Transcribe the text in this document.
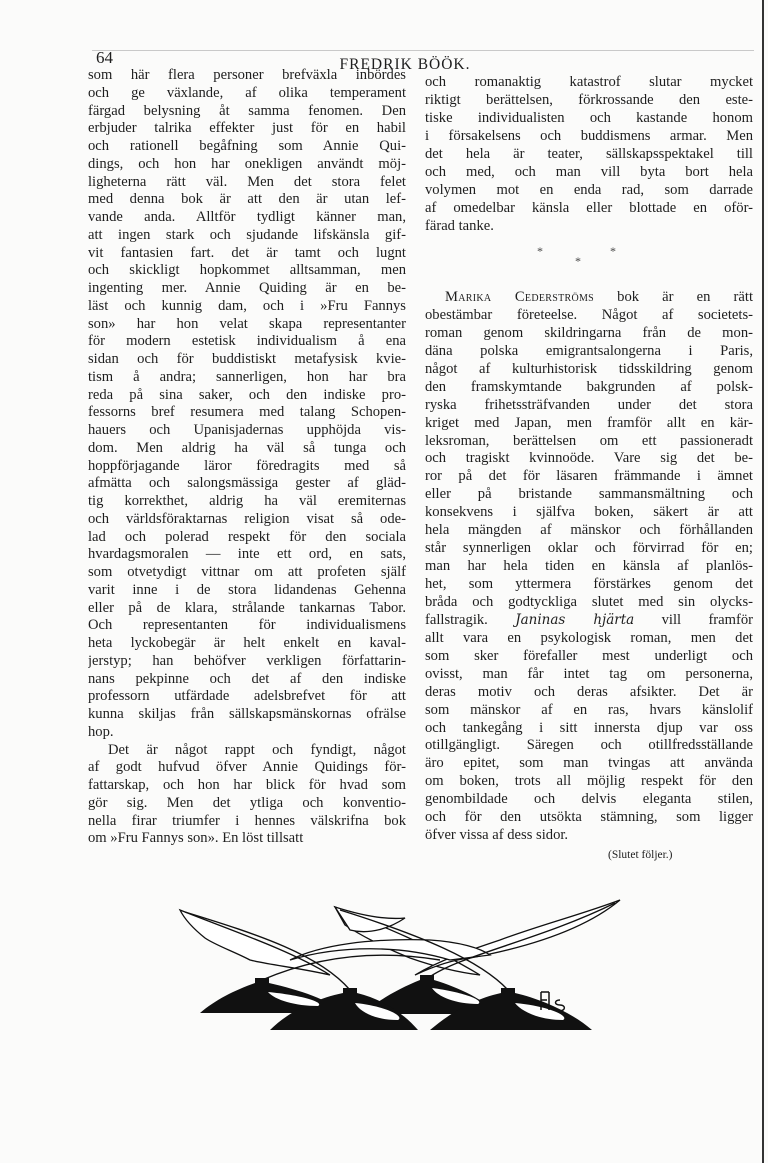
64	FREDRIK BÖÖK.
som här flera personer brefväxla inbördes
och ge växlande, af olika temperament
färgad belysning åt samma fenomen. Den
erbjuder talrika effekter just för en habil
och rationell begåfning som Annie Qui-
dings, och hon har onekligen användt möj-
ligheterna rätt väl. Men det stora felet
med denna bok är att den är utan lef-
vande anda. Alltför tydligt känner man,
att ingen stark och sjudande lifskänsla gif-
vit fantasien fart. det är tamt och lugnt
och skickligt hopkommet alltsamman, men
ingenting mer. Annie Quiding är en be-
läst och kunnig dam, och i »Fru Fannys
son» har hon velat skapa representanter
för modern estetisk individualism å ena
sidan och för buddistiskt metafysisk kvie-
tism å andra; sannerligen, hon har bra
reda på sina saker, och den indiske pro-
fessorns bref resumera med talang Schopen-
hauers och Upanisjadernas upphöjda vis-
dom. Men aldrig ha väl så tunga och
hoppförjagande läror föredragits med så
afmätta och salongsmässiga gester af gläd-
tig korrekthet, aldrig ha väl eremiternas
och världsföraktarnas religion visat så ode-
lad och polerad respekt för den sociala
hvardagsmoralen — inte ett ord, en sats,
som otvetydigt vittnar om att profeten själf
varit inne i de stora lidandenas Gehenna
eller på de klara, strålande tankarnas Tabor.
Och representanten för individualismens
heta lyckobegär är helt enkelt en kaval-
jerstyp; han behöfver verkligen författarin-
nans pekpinne och det af den indiske
professorn utfärdade adelsbrefvet för att
kunna skiljas från sällskapsmänskornas ofrälse
hop.
Det är något rappt och fyndigt, något
af godt hufvud öfver Annie Quidings för-
fattarskap, och hon har blick för hvad som
gör sig. Men det ytliga och konventio-
nella firar triumfer i hennes välskrifna bok
om »Fru Fannys son». En löst tillsatt
och romanaktig katastrof slutar mycket
riktigt berättelsen, förkrossande den este-
tiske individualisten och kastande honom
i försakelsens och buddismens armar. Men
det hela är teater, sällskapsspektakel till
och med, och man vill byta bort hela
volymen mot en enda rad, som darrade
af omedelbar känsla eller blottade en oför-
färad tanke.
*
*
*
Marika Cederströms bok är en rätt
obestämbar företeelse. Något af societets-
roman genom skildringarna från de mon-
däna polska emigrantsalongerna i Paris,
något af kulturhistorisk tidsskildring genom
den framskymtande bakgrunden af polsk-
ryska frihetssträfvanden under det stora
kriget med Japan, men framför allt en kär-
leksroman, berättelsen om ett passioneradt
och tragiskt kvinnoöde. Vare sig det be-
ror på det för läsaren främmande i ämnet
eller på bristande sammansmältning och
konsekvens i själfva boken, säkert är att
hela mängden af mänskor och förhållanden
står synnerligen oklar och förvirrad för en;
man har hela tiden en känsla af planlös-
het, som yttermera förstärkes genom det
bråda och godtyckliga slutet med sin olycks-
fallstragik. Janinas hjärta vill framför
allt vara en psykologisk roman, men det
som sker förefaller mest underligt och
ovisst, man får intet tag om personerna,
deras motiv och deras afsikter. Det är
som mänskor af en ras, hvars känslolif
och tankegång i sitt innersta djup var oss
otillgängligt. Säregen och otillfredsställande
äro epitet, som man tvingas att använda
om boken, trots all möjlig respekt för den
genombildade och delvis eleganta stilen,
och för den utsökta stämning, som ligger
öfver vissa af dess sidor.
(Slutet följer.)
